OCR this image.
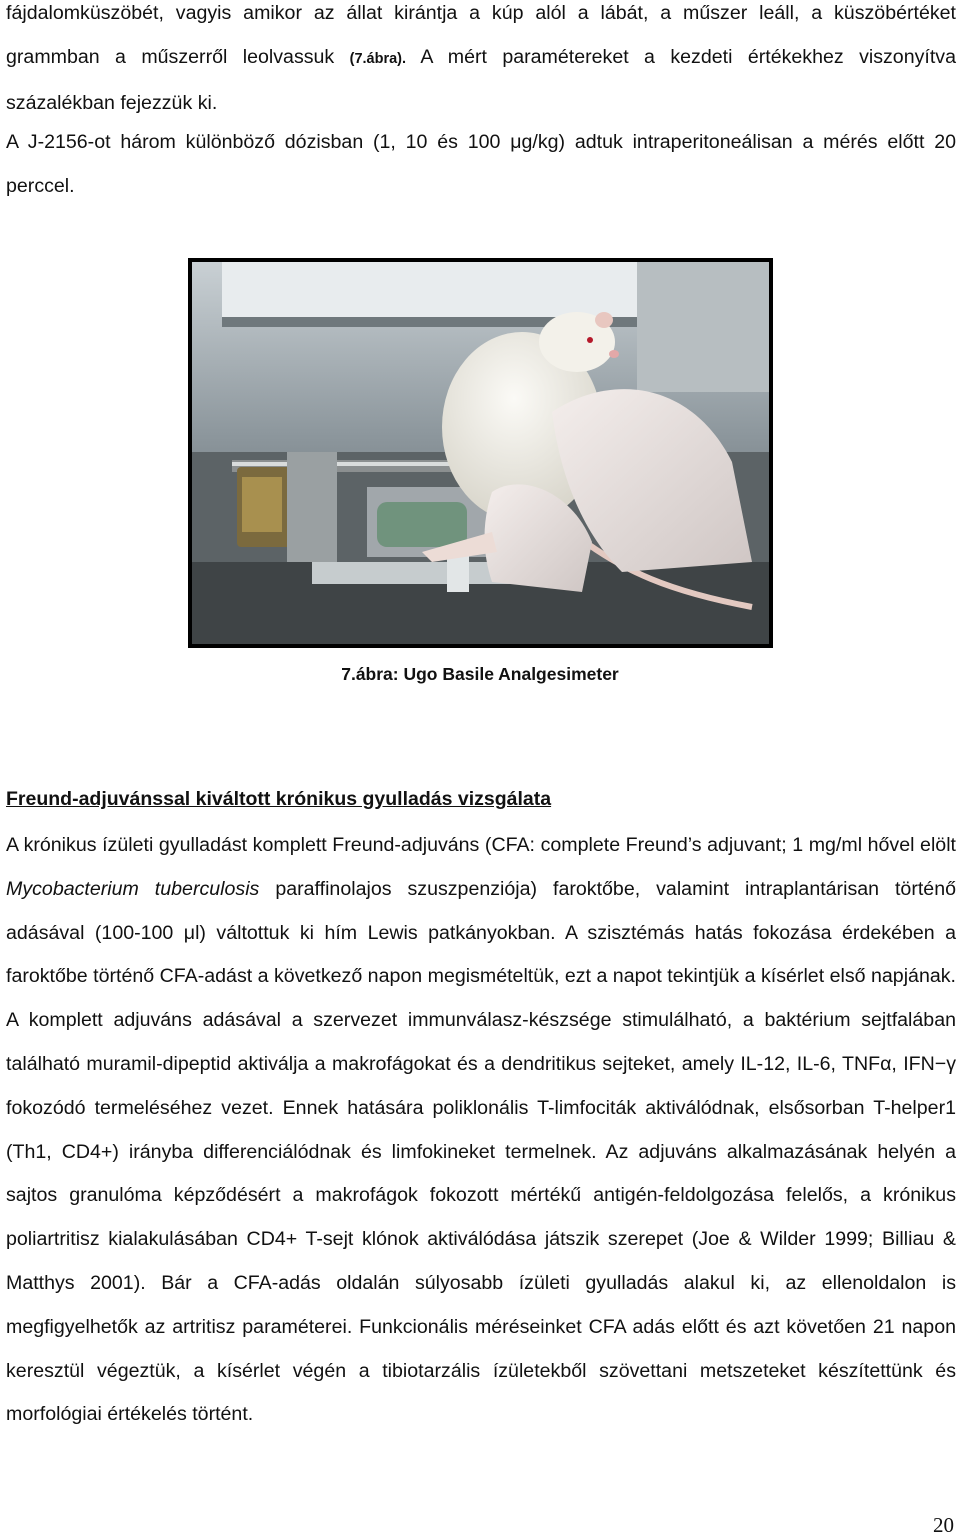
fájdalomküszöbét, vagyis amikor az állat kirántja a kúp alól a lábát, a műszer leáll, a küszöbértéket grammban a műszerről leolvassuk (7.ábra). A mért paramétereket a kezdeti értékekhez viszonyítva százalékban fejezzük ki.
A J-2156-ot három különböző dózisban (1, 10 és 100 μg/kg) adtuk intraperitoneálisan a mérés előtt 20 perccel.
7.ábra: Ugo Basile Analgesimeter
Freund-adjuvánssal kiváltott krónikus gyulladás vizsgálata
A krónikus ízületi gyulladást komplett Freund-adjuváns (CFA: complete Freund’s adjuvant; 1 mg/ml hővel elölt Mycobacterium tuberculosis paraffinolajos szuszpenziója) faroktőbe, valamint intraplantárisan történő adásával (100-100 μl) váltottuk ki hím Lewis patkányokban. A szisztémás hatás fokozása érdekében a faroktőbe történő CFA-adást a következő napon megismételtük, ezt a napot tekintjük a kísérlet első napjának. A komplett adjuváns adásával a szervezet immunválasz-készsége stimulálható, a baktérium sejtfalában található muramil-dipeptid aktiválja a makrofágokat és a dendritikus sejteket, amely IL-12, IL-6, TNFα, IFN−γ fokozódó termeléséhez vezet. Ennek hatására poliklonális T-limfociták aktiválódnak, elsősorban T-helper1 (Th1, CD4+) irányba differenciálódnak és limfokineket termelnek. Az adjuváns alkalmazásának helyén a sajtos granulóma képződésért a makrofágok fokozott mértékű antigén-feldolgozása felelős, a krónikus poliartritisz kialakulásában CD4+ T-sejt klónok aktiválódása játszik szerepet (Joe & Wilder 1999; Billiau & Matthys 2001). Bár a CFA-adás oldalán súlyosabb ízületi gyulladás alakul ki, az ellenoldalon is megfigyelhetők az artritisz paraméterei. Funkcionális méréseinket CFA adás előtt és azt követően 21 napon keresztül végeztük, a kísérlet végén a tibiotarzális ízületekből szövettani metszeteket készítettünk és morfológiai értékelés történt.
20
